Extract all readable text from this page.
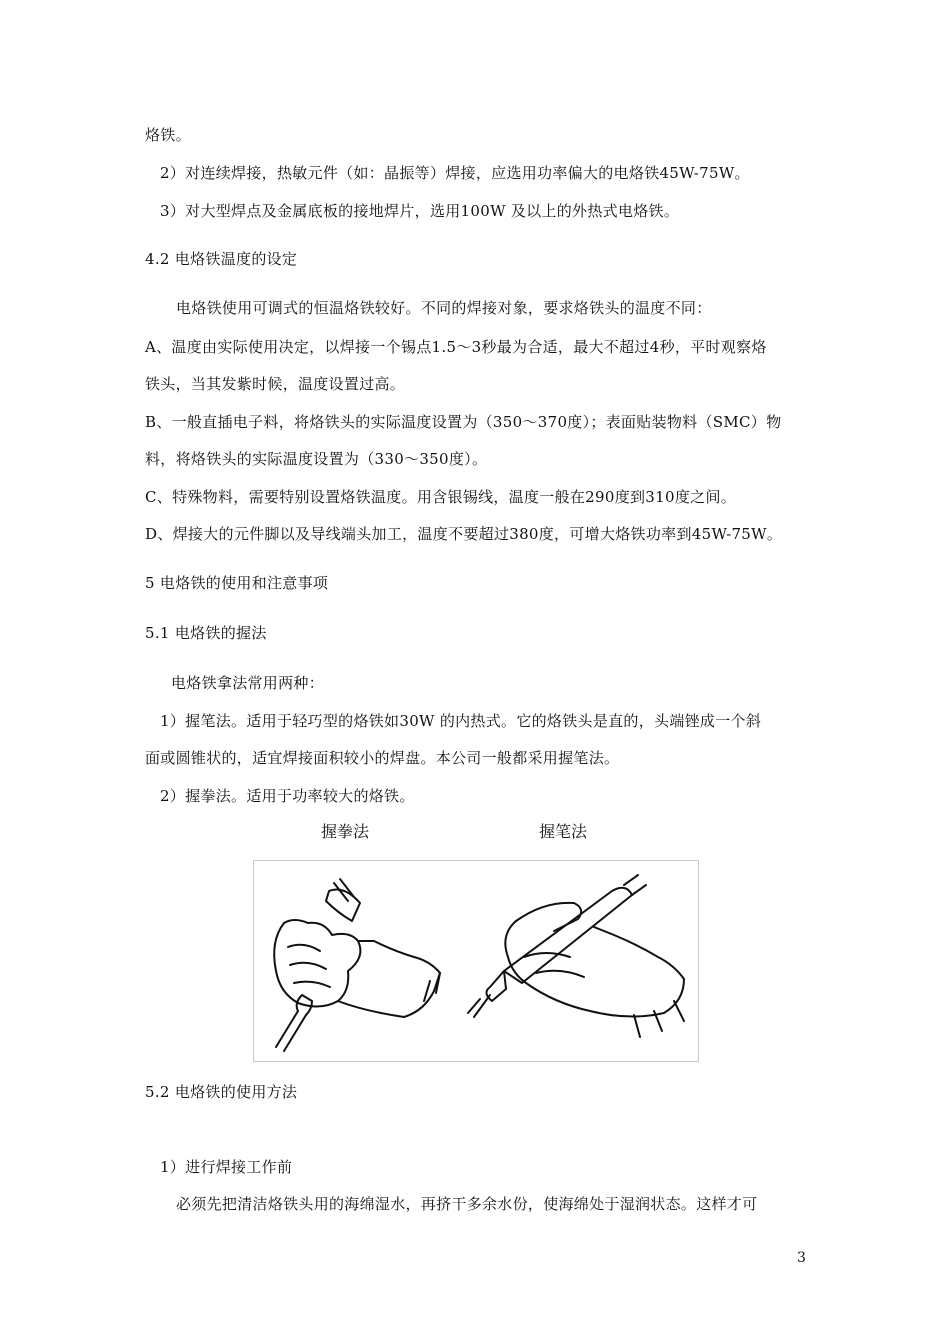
烙铁。
2）对连续焊接，热敏元件（如：晶振等）焊接，应选用功率偏大的电烙铁45W-75W。
3）对大型焊点及金属底板的接地焊片，选用100W 及以上的外热式电烙铁。
4.2 电烙铁温度的设定
电烙铁使用可调式的恒温烙铁较好。不同的焊接对象，要求烙铁头的温度不同：
A、温度由实际使用决定，以焊接一个锡点1.5～3秒最为合适，最大不超过4秒，平时观察烙
铁头，当其发紫时候，温度设置过高。
B、一般直插电子料，将烙铁头的实际温度设置为（350～370度）；表面贴装物料（SMC）物
料，将烙铁头的实际温度设置为（330～350度）。
C、特殊物料，需要特别设置烙铁温度。用含银锡线，温度一般在290度到310度之间。
D、焊接大的元件脚以及导线端头加工，温度不要超过380度，可增大烙铁功率到45W-75W。
5 电烙铁的使用和注意事项
5.1 电烙铁的握法
电烙铁拿法常用两种：
1）握笔法。适用于轻巧型的烙铁如30W 的内热式。它的烙铁头是直的，头端锉成一个斜
面或圆锥状的，适宜焊接面积较小的焊盘。本公司一般都采用握笔法。
2）握拳法。适用于功率较大的烙铁。
握拳法	握笔法
5.2 电烙铁的使用方法
1）进行焊接工作前
必须先把清洁烙铁头用的海绵湿水，再挤干多余水份，使海绵处于湿润状态。这样才可
3
